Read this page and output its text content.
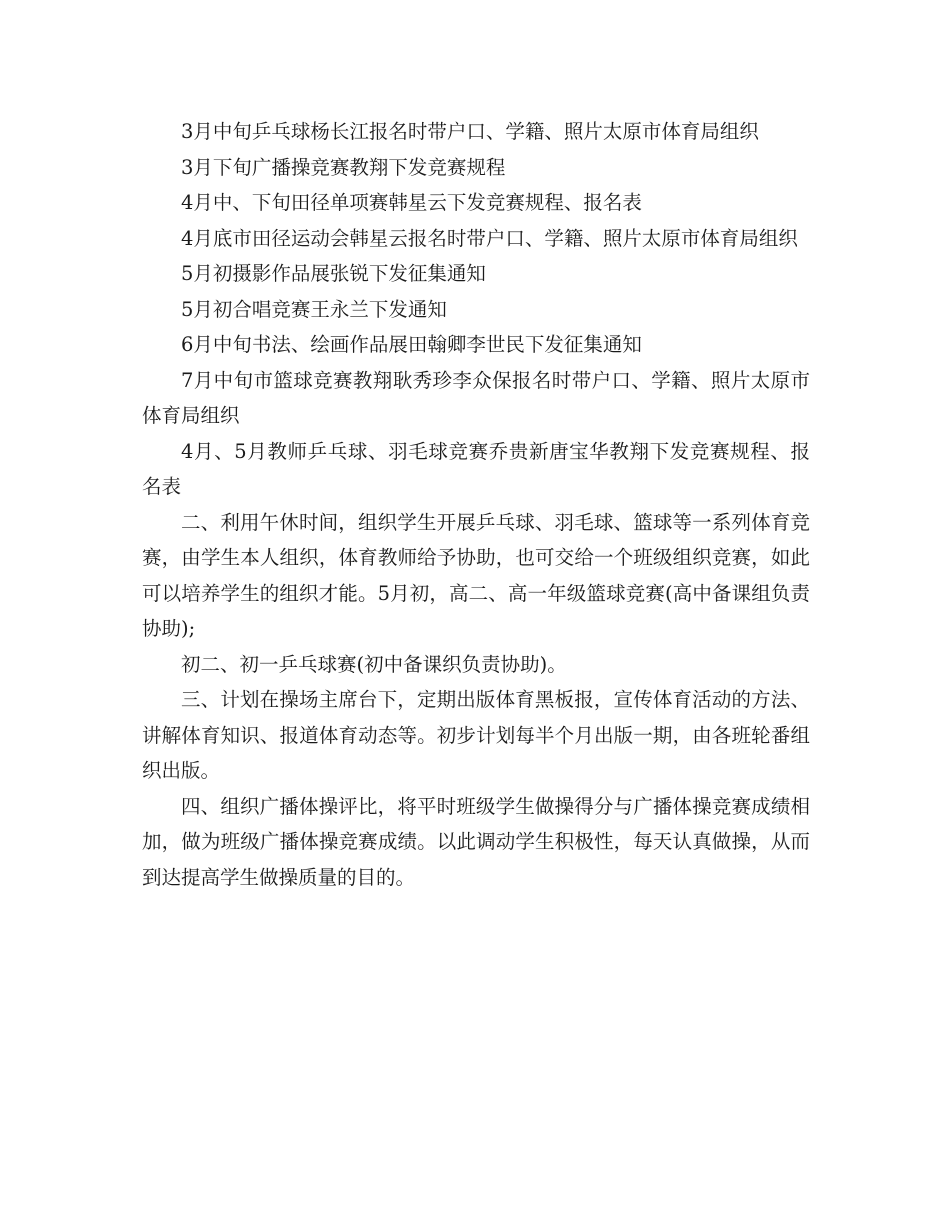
3月中旬乒乓球杨长江报名时带户口、学籍、照片太原市体育局组织

3月下旬广播操竞赛教翔下发竞赛规程

4月中、下旬田径单项赛韩星云下发竞赛规程、报名表

4月底市田径运动会韩星云报名时带户口、学籍、照片太原市体育局组织

5月初摄影作品展张锐下发征集通知

5月初合唱竞赛王永兰下发通知

6月中旬书法、绘画作品展田翰卿李世民下发征集通知

7月中旬市篮球竞赛教翔耿秀珍李众保报名时带户口、学籍、照片太原市体育局组织

4月、5月教师乒乓球、羽毛球竞赛乔贵新唐宝华教翔下发竞赛规程、报名表

二、利用午休时间，组织学生开展乒乓球、羽毛球、篮球等一系列体育竞赛，由学生本人组织，体育教师给予协助，也可交给一个班级组织竞赛，如此可以培养学生的组织才能。5月初，高二、高一年级篮球竞赛(高中备课组负责协助);

初二、初一乒乓球赛(初中备课织负责协助)。

三、计划在操场主席台下，定期出版体育黑板报，宣传体育活动的方法、讲解体育知识、报道体育动态等。初步计划每半个月出版一期，由各班轮番组织出版。

四、组织广播体操评比，将平时班级学生做操得分与广播体操竞赛成绩相加，做为班级广播体操竞赛成绩。以此调动学生积极性，每天认真做操，从而到达提高学生做操质量的目的。
